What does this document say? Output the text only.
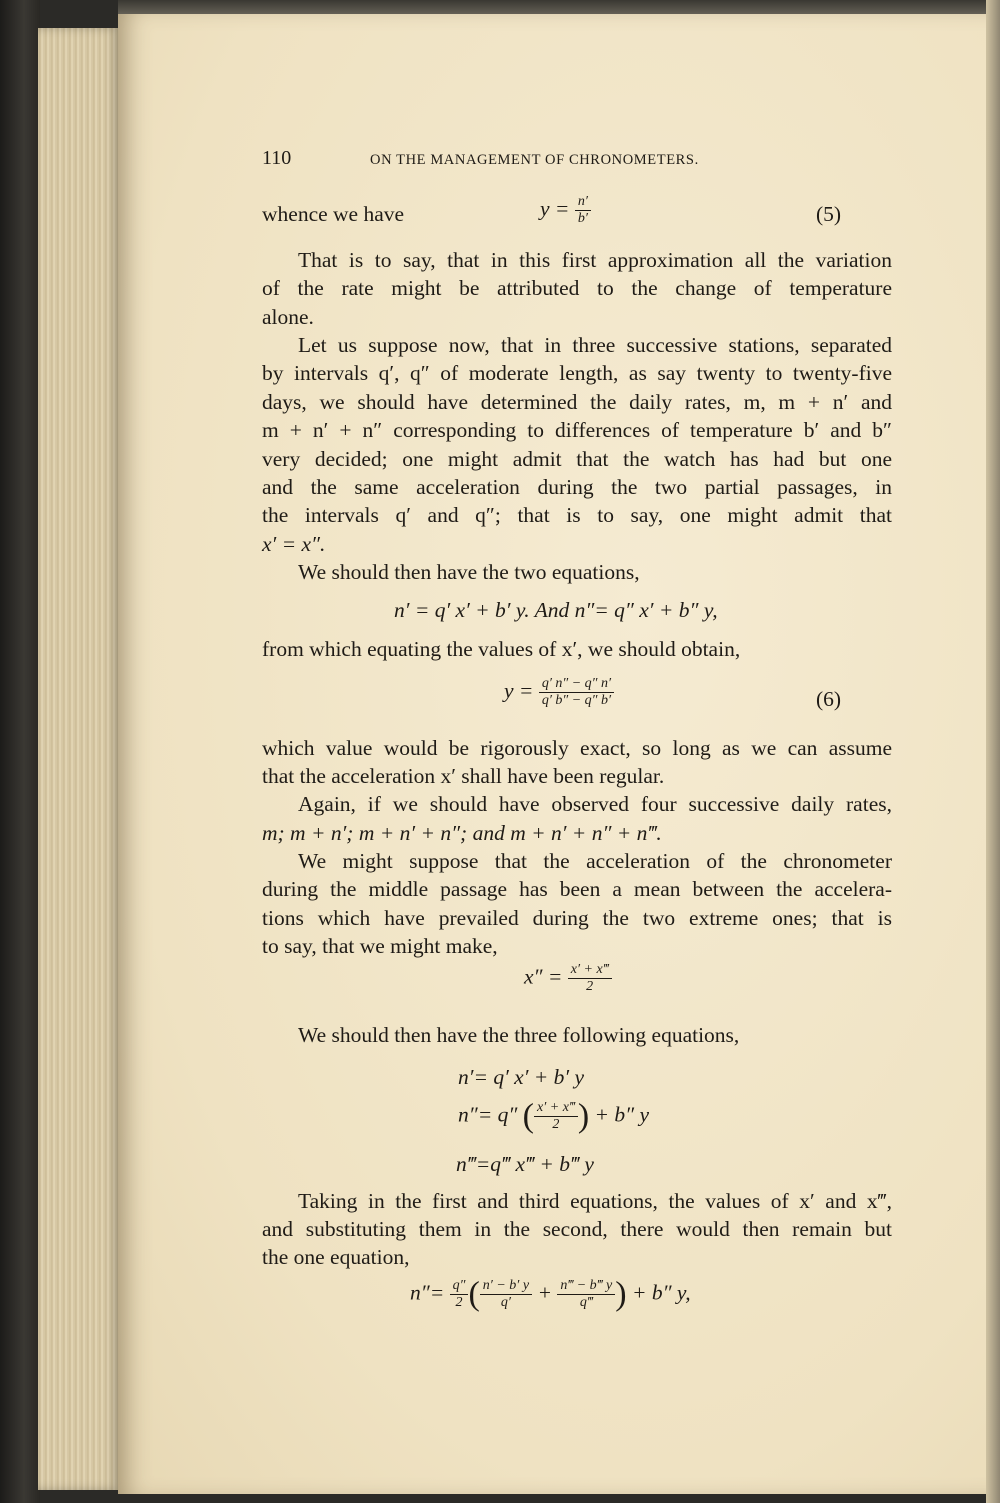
110	ON THE MANAGEMENT OF CHRONOMETERS.
whence we have	$y = \frac{n'}{b'}$	(5)
That is to say, that in this first approximation all the variation
of the rate might be attributed to the change of temperature
alone.
Let us suppose now, that in three successive stations, separated
by intervals q′, q″ of moderate length, as say twenty to twenty-five
days, we should have determined the daily rates, m, m + n′ and
m + n′ + n″ corresponding to differences of temperature b′ and b″
very decided; one might admit that the watch has had but one
and the same acceleration during the two partial passages, in
the intervals q′ and q″; that is to say, one might admit that
x′ = x″.
We should then have the two equations,
n′ = q′ x′ + b′ y. And n″= q″ x′ + b″ y,
from which equating the values of x′, we should obtain,
$y = \frac{q' n'' - q'' n'}{q' b'' - q'' b'}$	(6)
which value would be rigorously exact, so long as we can assume
that the acceleration x′ shall have been regular.
Again, if we should have observed four successive daily rates,
m; m + n′; m + n′ + n″; and m + n′ + n″ + n‴.
We might suppose that the acceleration of the chronometer
during the middle passage has been a mean between the accelera-
tions which have prevailed during the two extreme ones; that is
to say, that we might make,
$x'' = \frac{x' + x‴}{2}$
We should then have the three following equations,
n′= q′ x′ + b′ y
n″= q″ ( $\frac{x' + x‴}{2}$ ) + b″ y
n‴=q‴ x‴ + b‴ y
Taking in the first and third equations, the values of x′ and x‴,
and substituting them in the second, there would then remain but
the one equation,
$n''= \frac{q''}{2}$ ( $\frac{n' - b' y}{q'} + \frac{n‴ - b‴ y}{q‴}$ ) + b″ y,
